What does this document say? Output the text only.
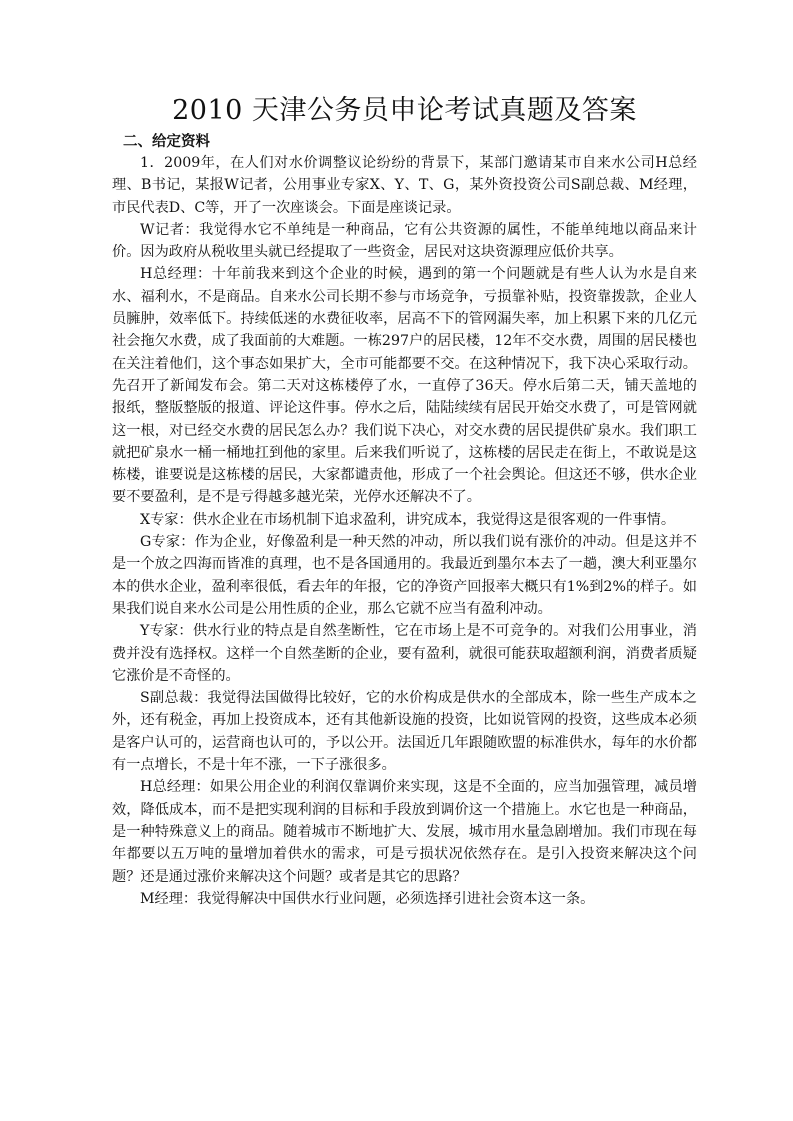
2010 天津公务员申论考试真题及答案
二、给定资料

1．2009年，在人们对水价调整议论纷纷的背景下，某部门邀请某市自来水公司H总经理、B书记，某报W记者，公用事业专家X、Y、T、G，某外资投资公司S副总裁、M经理，市民代表D、C等，开了一次座谈会。下面是座谈记录。

W记者：我觉得水它不单纯是一种商品，它有公共资源的属性，不能单纯地以商品来计价。因为政府从税收里头就已经提取了一些资金，居民对这块资源理应低价共享。

H总经理：十年前我来到这个企业的时候，遇到的第一个问题就是有些人认为水是自来水、福利水，不是商品。自来水公司长期不参与市场竞争，亏损靠补贴，投资靠拨款，企业人员臃肿，效率低下。持续低迷的水费征收率，居高不下的管网漏失率，加上积累下来的几亿元社会拖欠水费，成了我面前的大难题。一栋297户的居民楼，12年不交水费，周围的居民楼也在关注着他们，这个事态如果扩大，全市可能都要不交。在这种情况下，我下决心采取行动。先召开了新闻发布会。第二天对这栋楼停了水，一直停了36天。停水后第二天，铺天盖地的报纸，整版整版的报道、评论这件事。停水之后，陆陆续续有居民开始交水费了，可是管网就这一根，对已经交水费的居民怎么办？我们说下决心，对交水费的居民提供矿泉水。我们职工就把矿泉水一桶一桶地扛到他的家里。后来我们听说了，这栋楼的居民走在街上，不敢说是这栋楼，谁要说是这栋楼的居民，大家都谴责他，形成了一个社会舆论。但这还不够，供水企业要不要盈利，是不是亏得越多越光荣，光停水还解决不了。

X专家：供水企业在市场机制下追求盈利，讲究成本，我觉得这是很客观的一件事情。

G专家：作为企业，好像盈利是一种天然的冲动，所以我们说有涨价的冲动。但是这并不是一个放之四海而皆准的真理，也不是各国通用的。我最近到墨尔本去了一趟，澳大利亚墨尔本的供水企业，盈利率很低，看去年的年报，它的净资产回报率大概只有1%到2%的样子。如果我们说自来水公司是公用性质的企业，那么它就不应当有盈利冲动。

Y专家：供水行业的特点是自然垄断性，它在市场上是不可竞争的。对我们公用事业，消费并没有选择权。这样一个自然垄断的企业，要有盈利，就很可能获取超额利润，消费者质疑它涨价是不奇怪的。

S副总裁：我觉得法国做得比较好，它的水价构成是供水的全部成本，除一些生产成本之外，还有税金，再加上投资成本，还有其他新设施的投资，比如说管网的投资，这些成本必须是客户认可的，运营商也认可的，予以公开。法国近几年跟随欧盟的标准供水，每年的水价都有一点增长，不是十年不涨，一下子涨很多。

H总经理：如果公用企业的利润仅靠调价来实现，这是不全面的，应当加强管理，减员增效，降低成本，而不是把实现利润的目标和手段放到调价这一个措施上。水它也是一种商品，是一种特殊意义上的商品。随着城市不断地扩大、发展，城市用水量急剧增加。我们市现在每年都要以五万吨的量增加着供水的需求，可是亏损状况依然存在。是引入投资来解决这个问题？还是通过涨价来解决这个问题？或者是其它的思路？

M经理：我觉得解决中国供水行业问题，必须选择引进社会资本这一条。
